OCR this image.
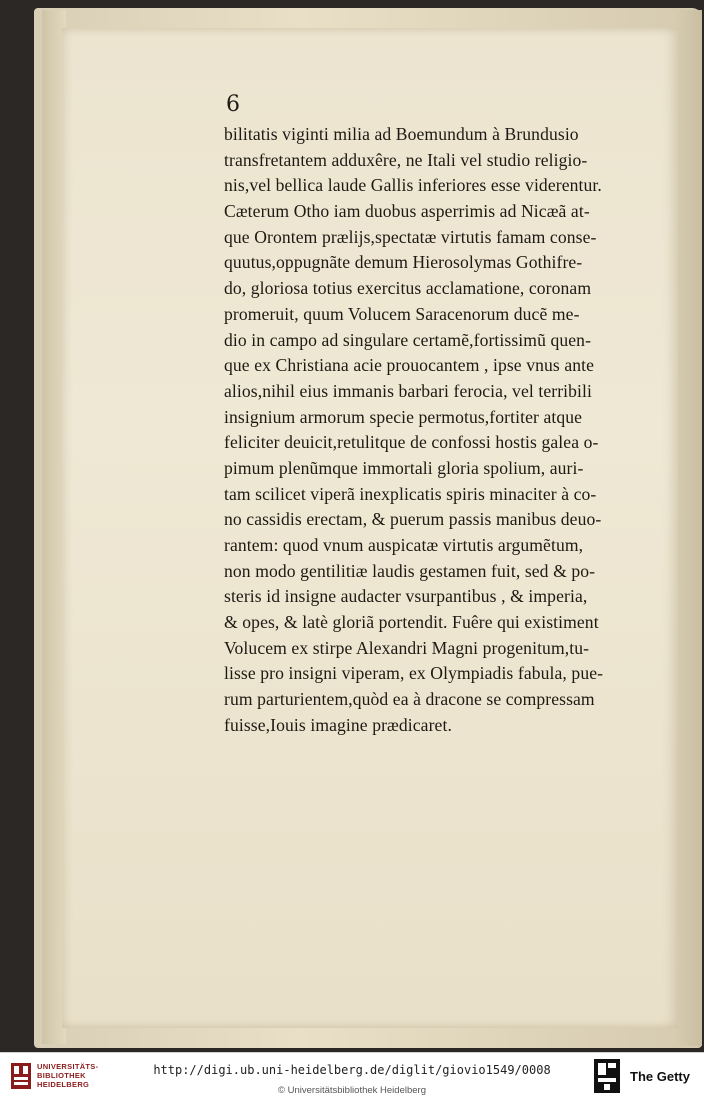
6
bilitatis viginti milia ad Boemundum à Brundusio
transfretantem adduxêre, ne Itali vel studio religio-
nis,vel bellica laude Gallis inferiores esse viderentur.
Cæterum Otho iam duobus asperrimis ad Nicæã at-
que Orontem prælijs,spectatæ virtutis famam conse-
quutus,oppugnãte demum Hierosolymas Gothifre-
do, gloriosa totius exercitus acclamatione, coronam
promeruit, quum Volucem Saracenorum ducẽ me-
dio in campo ad singulare certamẽ,fortissimũ quen-
que ex Christiana acie prouocantem , ipse vnus ante
alios,nihil eius immanis barbari ferocia, vel terribili
insignium armorum specie permotus,fortiter atque
feliciter deuicit,retulitque de confossi hostis galea o-
pimum plenũmque immortali gloria spolium, auri-
tam scilicet viperã inexplicatis spiris minaciter à co-
no cassidis erectam, & puerum passis manibus deuo-
rantem: quod vnum auspicatæ virtutis argumẽtum,
non modo gentilitiæ laudis gestamen fuit, sed & po-
steris id insigne audacter vsurpantibus , & imperia,
& opes, & latè gloriã portendit. Fuêre qui existiment
Volucem ex stirpe Alexandri Magni progenitum,tu-
lisse pro insigni viperam, ex Olympiadis fabula, pue-
rum parturientem,quòd ea à dracone se compressam
fuisse,Iouis imagine prædicaret.
UNIVERSITÄTS-
BIBLIOTHEK
HEIDELBERG
http://digi.ub.uni-heidelberg.de/diglit/giovio1549/0008
© Universitätsbibliothek Heidelberg
The Getty
